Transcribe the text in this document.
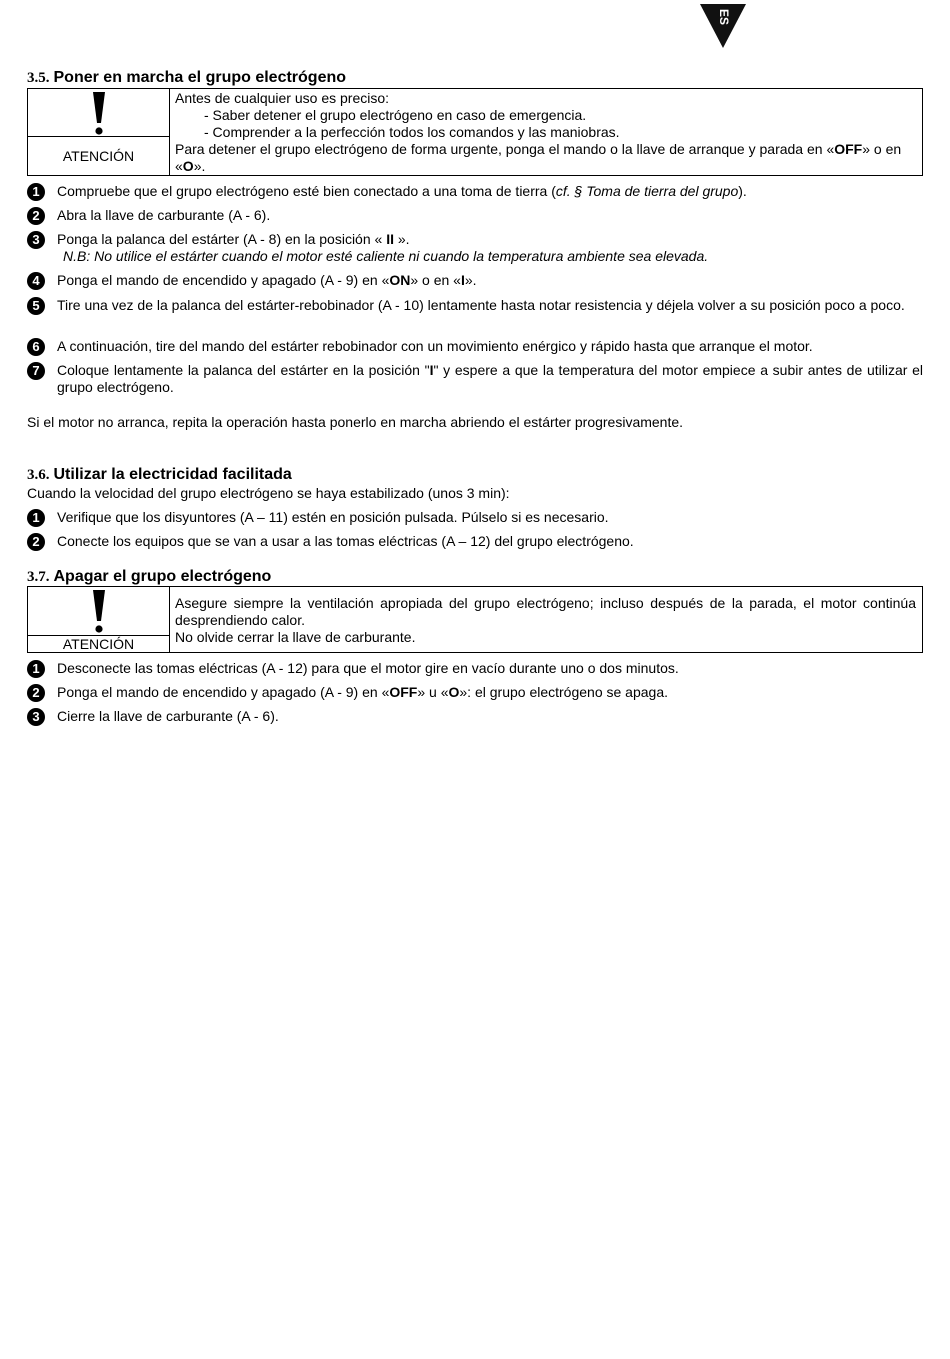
ES
3.5. Poner en marcha el grupo electrógeno
ATENCIÓN
Antes de cualquier uso es preciso:
- Saber detener el grupo electrógeno en caso de emergencia.
- Comprender a la perfección todos los comandos y las maniobras.
Para detener el grupo electrógeno de forma urgente, ponga el mando o la llave de arranque y parada en «OFF» o en «O».
1	Compruebe que el grupo electrógeno esté bien conectado a una toma de tierra (cf. § Toma de tierra del grupo).
2	Abra la llave de carburante (A - 6).
3	Ponga la palanca del estárter (A - 8) en la posición « II ».
N.B: No utilice el estárter cuando el motor esté caliente ni cuando la temperatura ambiente sea elevada.
4	Ponga el mando de encendido y apagado (A - 9) en «ON» o en «I».
5	Tire una vez de la palanca del estárter-rebobinador (A - 10) lentamente hasta notar resistencia y déjela volver a su posición poco a poco.
6	A continuación, tire del mando del estárter rebobinador con un movimiento enérgico y rápido hasta que arranque el motor.
7	Coloque lentamente la palanca del estárter en la posición "I" y espere a que la temperatura del motor empiece a subir antes de utilizar el grupo electrógeno.
Si el motor no arranca, repita la operación hasta ponerlo en marcha abriendo el estárter progresivamente.
3.6. Utilizar la electricidad facilitada
Cuando la velocidad del grupo electrógeno se haya estabilizado (unos 3 min):
1	Verifique que los disyuntores (A – 11) estén en posición pulsada. Púlselo si es necesario.
2	Conecte los equipos que se van a usar a las tomas eléctricas (A – 12) del grupo electrógeno.
3.7. Apagar el grupo electrógeno
ATENCIÓN
Asegure siempre la ventilación apropiada del grupo electrógeno; incluso después de la parada, el motor continúa desprendiendo calor.
No olvide cerrar la llave de carburante.
1	Desconecte las tomas eléctricas (A - 12) para que el motor gire en vacío durante uno o dos minutos.
2	Ponga el mando de encendido y apagado (A - 9) en «OFF» u «O»: el grupo electrógeno se apaga.
3	Cierre la llave de carburante (A - 6).
